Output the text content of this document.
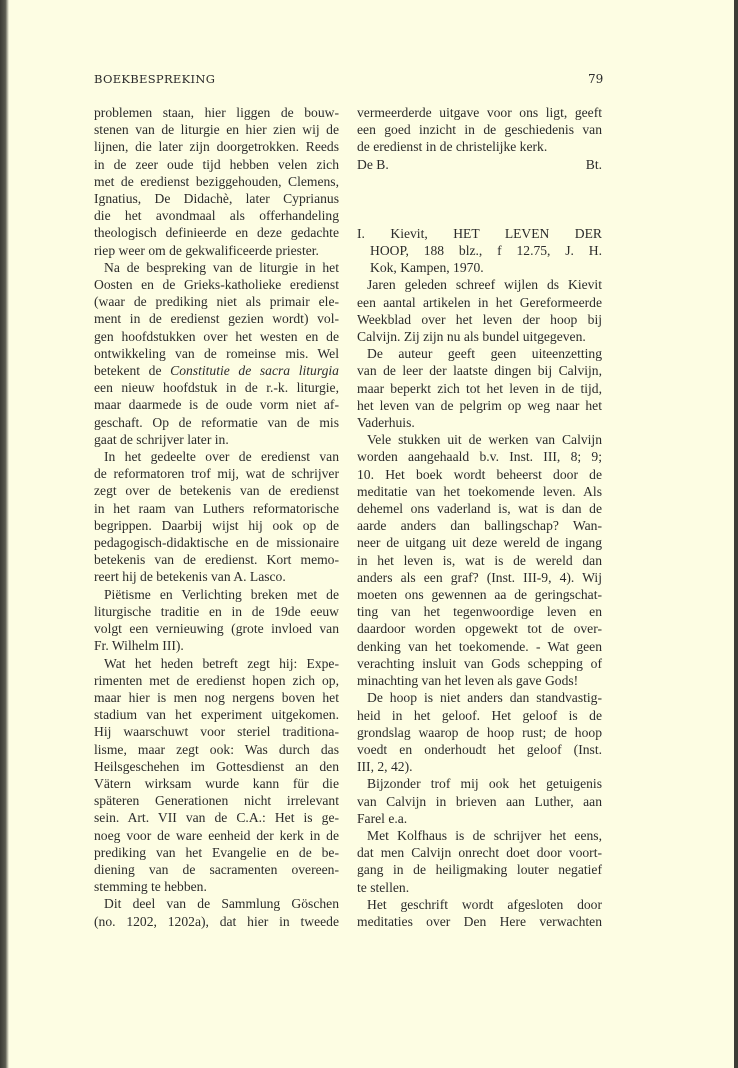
BOEKBESPREKING	79
problemen staan, hier liggen de bouw-
stenen van de liturgie en hier zien wij de
lijnen, die later zijn doorgetrokken. Reeds
in de zeer oude tijd hebben velen zich
met de eredienst beziggehouden, Clemens,
Ignatius, De Didachè, later Cyprianus
die het avondmaal als offerhandeling
theologisch definieerde en deze gedachte
riep weer om de gekwalificeerde priester.
Na de bespreking van de liturgie in het
Oosten en de Grieks-katholieke eredienst
(waar de prediking niet als primair ele-
ment in de eredienst gezien wordt) vol-
gen hoofdstukken over het westen en de
ontwikkeling van de romeinse mis. Wel
betekent de Constitutie de sacra liturgia
een nieuw hoofdstuk in de r.-k. liturgie,
maar daarmede is de oude vorm niet af-
geschaft. Op de reformatie van de mis
gaat de schrijver later in.
In het gedeelte over de eredienst van
de reformatoren trof mij, wat de schrijver
zegt over de betekenis van de eredienst
in het raam van Luthers reformatorische
begrippen. Daarbij wijst hij ook op de
pedagogisch-didaktische en de missionaire
betekenis van de eredienst. Kort memo-
reert hij de betekenis van A. Lasco.
Piëtisme en Verlichting breken met de
liturgische traditie en in de 19de eeuw
volgt een vernieuwing (grote invloed van
Fr. Wilhelm III).
Wat het heden betreft zegt hij: Expe-
rimenten met de eredienst hopen zich op,
maar hier is men nog nergens boven het
stadium van het experiment uitgekomen.
Hij waarschuwt voor steriel traditiona-
lisme, maar zegt ook: Was durch das
Heilsgeschehen im Gottesdienst an den
Vätern wirksam wurde kann für die
späteren Generationen nicht irrelevant
sein. Art. VII van de C.A.: Het is ge-
noeg voor de ware eenheid der kerk in de
prediking van het Evangelie en de be-
diening van de sacramenten overeen-
stemming te hebben.
Dit deel van de Sammlung Göschen
(no. 1202, 1202a), dat hier in tweede
vermeerderde uitgave voor ons ligt, geeft
een goed inzicht in de geschiedenis van
de eredienst in de christelijke kerk.
De B.	Bt.
I. Kievit, HET LEVEN DER
HOOP, 188 blz., f 12.75, J. H.
Kok, Kampen, 1970.
Jaren geleden schreef wijlen ds Kievit
een aantal artikelen in het Gereformeerde
Weekblad over het leven der hoop bij
Calvijn. Zij zijn nu als bundel uitgegeven.
De auteur geeft geen uiteenzetting
van de leer der laatste dingen bij Calvijn,
maar beperkt zich tot het leven in de tijd,
het leven van de pelgrim op weg naar het
Vaderhuis.
Vele stukken uit de werken van Calvijn
worden aangehaald b.v. Inst. III, 8; 9;
10. Het boek wordt beheerst door de
meditatie van het toekomende leven. Als
dehemel ons vaderland is, wat is dan de
aarde anders dan ballingschap? Wan-
neer de uitgang uit deze wereld de ingang
in het leven is, wat is de wereld dan
anders als een graf? (Inst. III-9, 4). Wij
moeten ons gewennen aa de geringschat-
ting van het tegenwoordige leven en
daardoor worden opgewekt tot de over-
denking van het toekomende. - Wat geen
verachting insluit van Gods schepping of
minachting van het leven als gave Gods!
De hoop is niet anders dan standvastig-
heid in het geloof. Het geloof is de
grondslag waarop de hoop rust; de hoop
voedt en onderhoudt het geloof (Inst.
III, 2, 42).
Bijzonder trof mij ook het getuigenis
van Calvijn in brieven aan Luther, aan
Farel e.a.
Met Kolfhaus is de schrijver het eens,
dat men Calvijn onrecht doet door voort-
gang in de heiligmaking louter negatief
te stellen.
Het geschrift wordt afgesloten door
meditaties over Den Here verwachten
